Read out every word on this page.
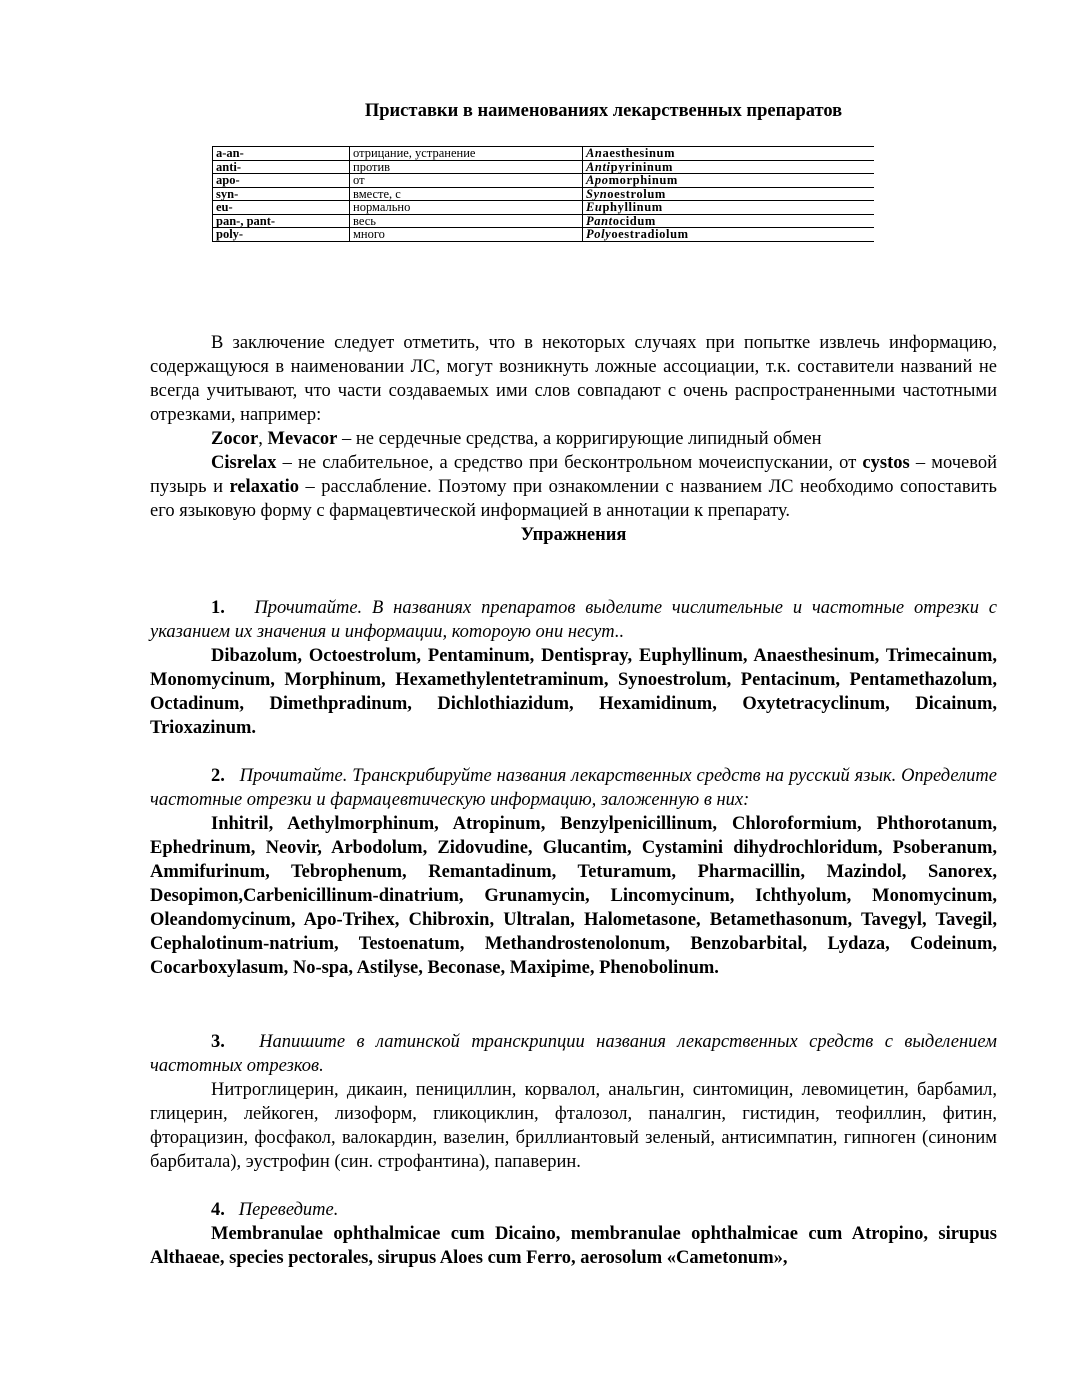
Приставки в наименованиях лекарственных препаратов
a-an-	отрицание, устранение	Anaesthesinum
anti-	против	Antipyrininum
apo-	от	Apomorphinum
syn-	вместе, с	Synoestrolum
eu-	нормально	Euphyllinum
pan-, pant-	весь	Pantocidum
poly-	много	Polyoestradiolum

В заключение следует отметить, что в некоторых случаях при попытке извлечь информацию, содержащуюся в наименовании ЛС, могут возникнуть ложные ассоциации, т.к. составители названий не всегда учитывают, что части создаваемых ими слов совпадают с очень распространенными частотными отрезками, например:

Zocor, Mevacor – не сердечные средства, а корригирующие липидный обмен

Cisrelax – не слабительное, а средство при бесконтрольном мочеиспускании, от cystos – мочевой пузырь и relaxatio – расслабление. Поэтому при ознакомлении с названием ЛС необходимо сопоставить его языковую форму с фармацевтической информацией в аннотации к препарату.

Упражнения

1. Прочитайте. В названиях препаратов выделите числительные и частотные отрезки с указанием их значения и информации, котороую они несут..

Dibazolum, Octoestrolum, Pentaminum, Dentispray, Euphyllinum, Anaesthesinum, Trimecainum, Monomycinum, Morphinum, Hexamethylentetraminum, Synoestrolum, Pentacinum, Pentamethazolum, Octadinum, Dimethpradinum, Dichlothiazidum, Hexamidinum, Oxytetracyclinum, Dicainum, Trioxazinum.

2. Прочитайте. Транскрибируйте названия лекарственных средств на русский язык. Определите частотные отрезки и фармацевтическую информацию, заложенную в них:

Inhitril, Aethylmorphinum, Atropinum, Benzylpenicillinum, Chloroformium, Phthorotanum, Ephedrinum, Neovir, Arbodolum, Zidovudine, Glucantim, Cystamini dihydrochloridum, Psoberanum, Ammifurinum, Tebrophenum, Remantadinum, Teturamum, Pharmacillin, Mazindol, Sanorex, Desopimon,Carbenicillinum-dinatrium, Grunamycin, Lincomycinum, Ichthyolum, Monomycinum, Oleandomycinum, Apo-Trihex, Chibroxin, Ultralan, Halometasone, Betamethasonum, Tavegyl, Tavegil, Cephalotinum-natrium, Testoenatum, Methandrostenolonum, Benzobarbital, Lydaza, Codeinum, Cocarboxylasum, No-spa, Astilyse, Beconase, Maxipime, Phenobolinum.

3. Напишите в латинской транскрипции названия лекарственных средств с выделением частотных отрезков.

Нитроглицерин, дикаин, пенициллин, корвалол, анальгин, синтомицин, левомицетин, барбамил, глицерин, лейкоген, лизоформ, гликоциклин, фталозол, паналгин, гистидин, теофиллин, фитин, фторацизин, фосфакол, валокардин, вазелин, бриллиантовый зеленый, антисимпатин, гипноген (синоним барбитала), эустрофин (син. строфантина), папаверин.

4. Переведите.

Membranulae ophthalmicae cum Dicaino, membranulae ophthalmicae cum Atropino, sirupus Althaeae, species pectorales, sirupus Aloes cum Ferro, aerosolum «Cametonum»,
